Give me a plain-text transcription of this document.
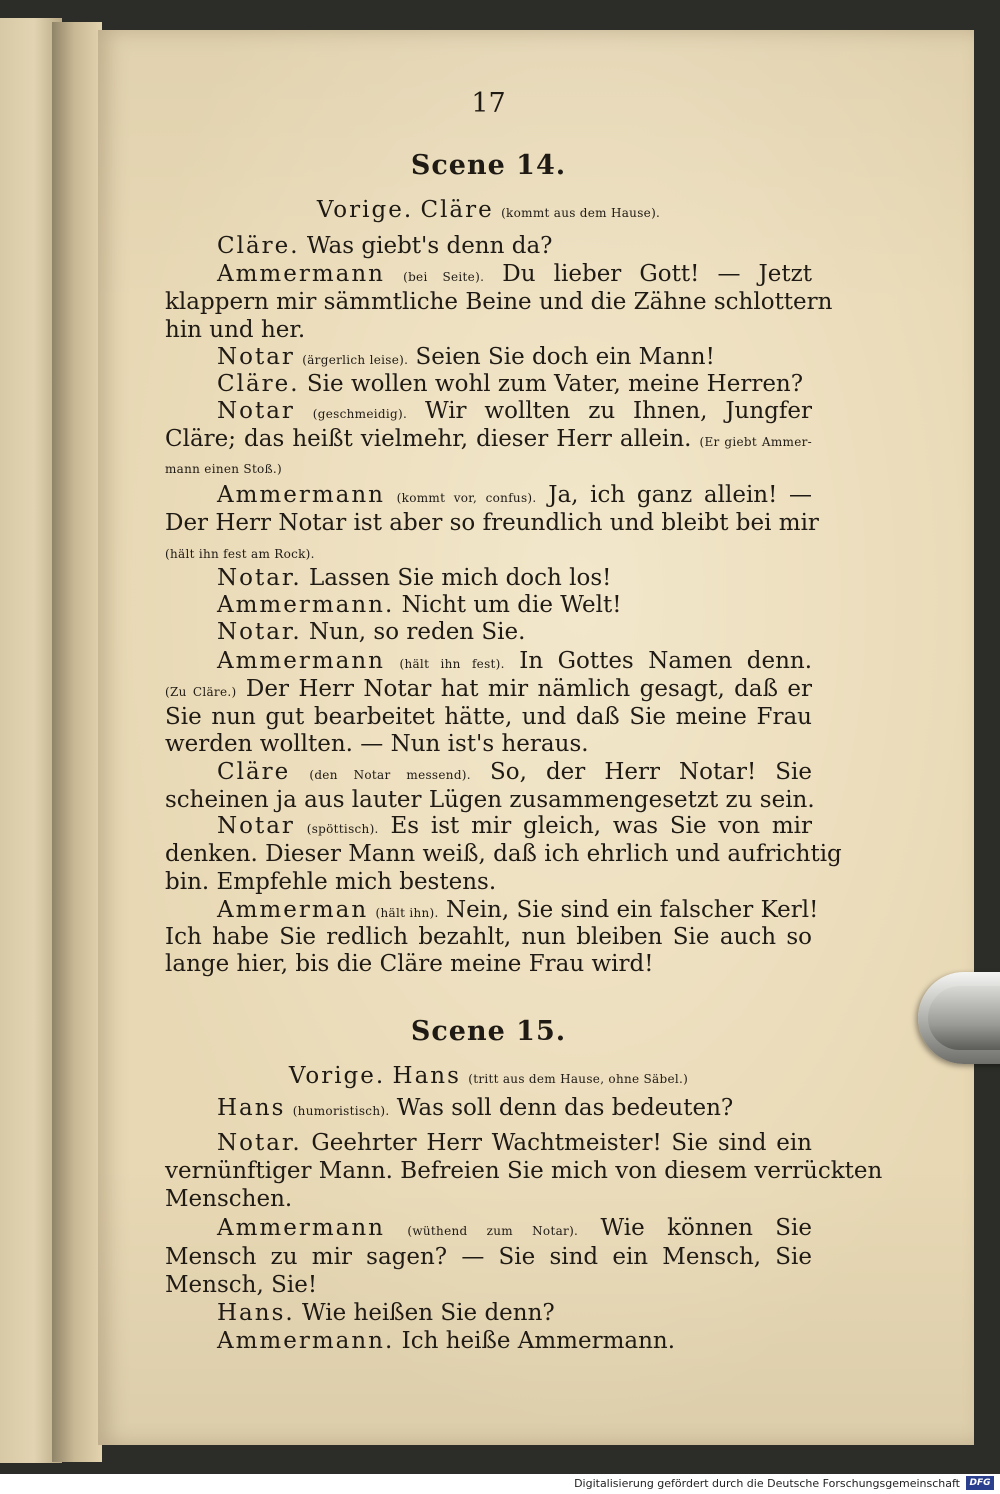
17
Scene 14.
Vorige. Cläre (kommt aus dem Hause).
Cläre. Was giebt's denn da?
Ammermann (bei Seite). Du lieber Gott! — Jetzt
klappern mir sämmtliche Beine und die Zähne schlottern
hin und her.
Notar (ärgerlich leise). Seien Sie doch ein Mann!
Cläre. Sie wollen wohl zum Vater, meine Herren?
Notar (geschmeidig). Wir wollten zu Ihnen, Jungfer
Cläre; das heißt vielmehr, dieser Herr allein. (Er giebt Ammer-
mann einen Stoß.)
Ammermann (kommt vor, confus). Ja, ich ganz allein! —
Der Herr Notar ist aber so freundlich und bleibt bei mir
(hält ihn fest am Rock).
Notar. Lassen Sie mich doch los!
Ammermann. Nicht um die Welt!
Notar. Nun, so reden Sie.
Ammermann (hält ihn fest). In Gottes Namen denn.
(Zu Cläre.) Der Herr Notar hat mir nämlich gesagt, daß er
Sie nun gut bearbeitet hätte, und daß Sie meine Frau
werden wollten. — Nun ist's heraus.
Cläre (den Notar messend). So, der Herr Notar! Sie
scheinen ja aus lauter Lügen zusammengesetzt zu sein.
Notar (spöttisch). Es ist mir gleich, was Sie von mir
denken. Dieser Mann weiß, daß ich ehrlich und aufrichtig
bin. Empfehle mich bestens.
Ammerman (hält ihn). Nein, Sie sind ein falscher Kerl!
Ich habe Sie redlich bezahlt, nun bleiben Sie auch so
lange hier, bis die Cläre meine Frau wird!
Scene 15.
Vorige. Hans (tritt aus dem Hause, ohne Säbel.)
Hans (humoristisch). Was soll denn das bedeuten?
Notar. Geehrter Herr Wachtmeister! Sie sind ein
vernünftiger Mann. Befreien Sie mich von diesem verrückten
Menschen.
Ammermann (wüthend zum Notar). Wie können Sie
Mensch zu mir sagen? — Sie sind ein Mensch, Sie
Mensch, Sie!
Hans. Wie heißen Sie denn?
Ammermann. Ich heiße Ammermann.
Digitalisierung gefördert durch die Deutsche Forschungsgemeinschaft	DFG
